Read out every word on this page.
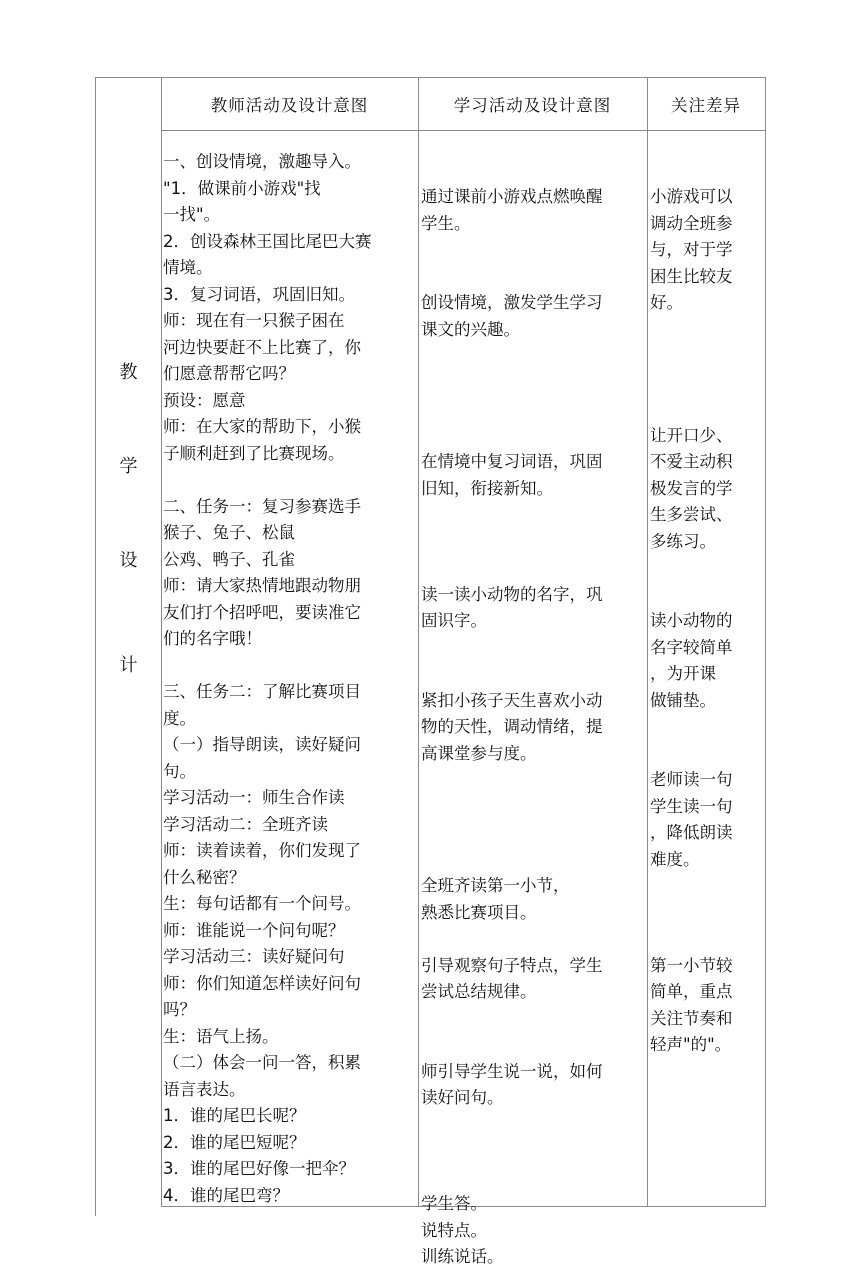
教师活动及设计意图	学习活动及设计意图	关注差异
教
学
设
计

一、创设情境，激趣导入。

"1．做课前小游戏"找

一找"。

2．创设森林王国比尾巴大赛

情境。

3．复习词语，巩固旧知。

师：现在有一只猴子困在

河边快要赶不上比赛了，你

们愿意帮帮它吗？

预设：愿意

师：在大家的帮助下，小猴

子顺利赶到了比赛现场。

二、任务一：复习参赛选手

猴子、兔子、松鼠

公鸡、鸭子、孔雀

师：请大家热情地跟动物朋

友们打个招呼吧，要读准它

们的名字哦！

三、任务二：了解比赛项目

度。

（一）指导朗读，读好疑问

句。

学习活动一：师生合作读

学习活动二：全班齐读

师：读着读着，你们发现了

什么秘密？

生：每句话都有一个问号。

师：谁能说一个问句呢？

学习活动三：读好疑问句

师：你们知道怎样读好问句

吗？

生：语气上扬。

（二）体会一问一答，积累

语言表达。

1．谁的尾巴长呢？

2．谁的尾巴短呢？

3．谁的尾巴好像一把伞？

4．谁的尾巴弯？

通过课前小游戏点燃唤醒

学生。

创设情境，激发学生学习

课文的兴趣。

在情境中复习词语，巩固

旧知，衔接新知。

读一读小动物的名字，巩

固识字。

紧扣小孩子天生喜欢小动

物的天性，调动情绪，提

高课堂参与度。

全班齐读第一小节，

熟悉比赛项目。

引导观察句子特点，学生

尝试总结规律。

师引导学生说一说，如何

读好问句。

学生答。

说特点。

训练说话。

小游戏可以

调动全班参

与，对于学

困生比较友

好。

让开口少、

不爱主动积

极发言的学

生多尝试、

多练习。

读小动物的

名字较简单

，为开课

做铺垫。

老师读一句

学生读一句

，降低朗读

难度。

第一小节较

简单，重点

关注节奏和

轻声"的"。
